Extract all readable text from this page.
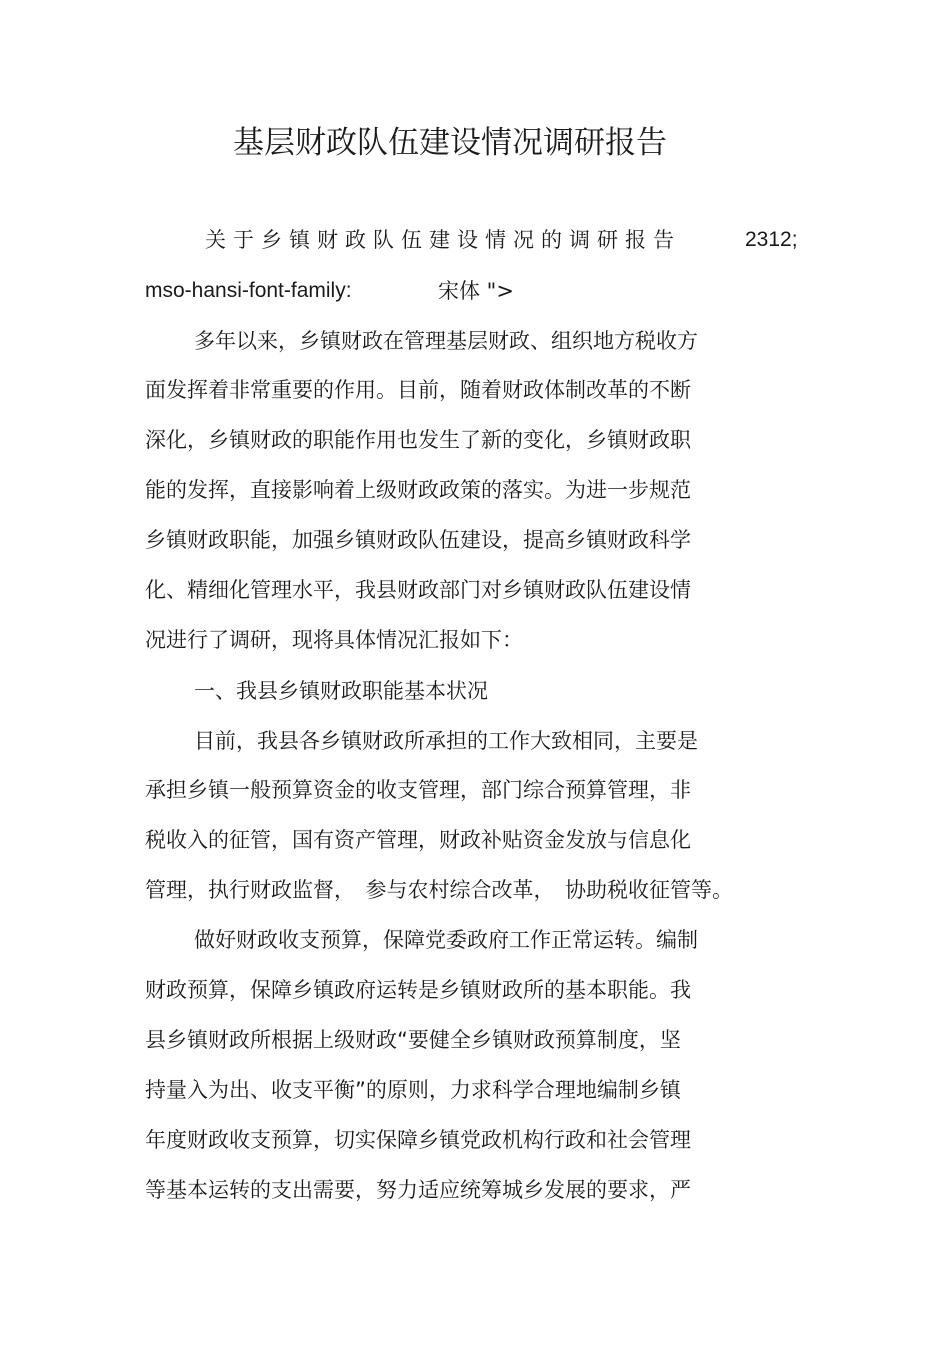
基层财政队伍建设情况调研报告
关于乡镇财政队伍建设情况的调研报告	2312;
mso-hansi-font-family:	宋体 ">
多年以来，乡镇财政在管理基层财政、组织地方税收方
面发挥着非常重要的作用。目前，随着财政体制改革的不断
深化，乡镇财政的职能作用也发生了新的变化，乡镇财政职
能的发挥，直接影响着上级财政政策的落实。为进一步规范
乡镇财政职能，加强乡镇财政队伍建设，提高乡镇财政科学
化、精细化管理水平，我县财政部门对乡镇财政队伍建设情
况进行了调研，现将具体情况汇报如下：
一、我县乡镇财政职能基本状况
目前，我县各乡镇财政所承担的工作大致相同，主要是
承担乡镇一般预算资金的收支管理，部门综合预算管理，非
税收入的征管，国有资产管理，财政补贴资金发放与信息化
管理，执行财政监督，　参与农村综合改革，　协助税收征管等。
做好财政收支预算，保障党委政府工作正常运转。编制
财政预算，保障乡镇政府运转是乡镇财政所的基本职能。我
县乡镇财政所根据上级财政“要健全乡镇财政预算制度，坚
持量入为出、收支平衡”的原则，力求科学合理地编制乡镇
年度财政收支预算，切实保障乡镇党政机构行政和社会管理
等基本运转的支出需要，努力适应统筹城乡发展的要求，严
